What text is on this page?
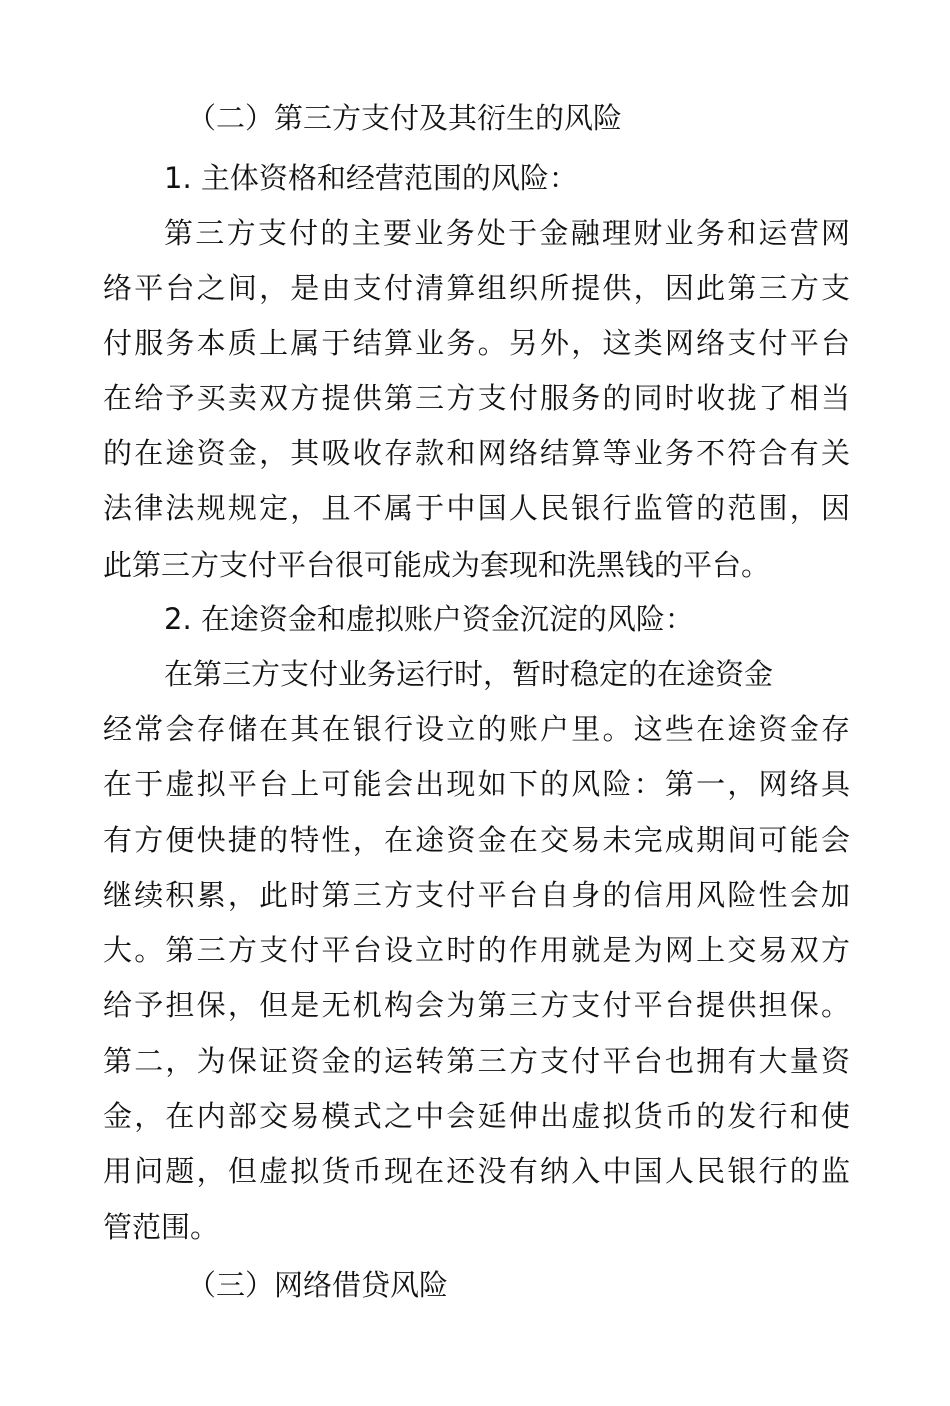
（二）第三方支付及其衍生的风险
1. 主体资格和经营范围的风险：
第三方支付的主要业务处于金融理财业务和运营网
络平台之间，是由支付清算组织所提供，因此第三方支
付服务本质上属于结算业务。另外，这类网络支付平台
在给予买卖双方提供第三方支付服务的同时收拢了相当
的在途资金，其吸收存款和网络结算等业务不符合有关
法律法规规定，且不属于中国人民银行监管的范围，因
此第三方支付平台很可能成为套现和洗黑钱的平台。
2. 在途资金和虚拟账户资金沉淀的风险：
在第三方支付业务运行时，暂时稳定的在途资金
经常会存储在其在银行设立的账户里。这些在途资金存
在于虚拟平台上可能会出现如下的风险：第一，网络具
有方便快捷的特性，在途资金在交易未完成期间可能会
继续积累，此时第三方支付平台自身的信用风险性会加
大。第三方支付平台设立时的作用就是为网上交易双方
给予担保，但是无机构会为第三方支付平台提供担保。
第二，为保证资金的运转第三方支付平台也拥有大量资
金，在内部交易模式之中会延伸出虚拟货币的发行和使
用问题，但虚拟货币现在还没有纳入中国人民银行的监
管范围。
（三）网络借贷风险
